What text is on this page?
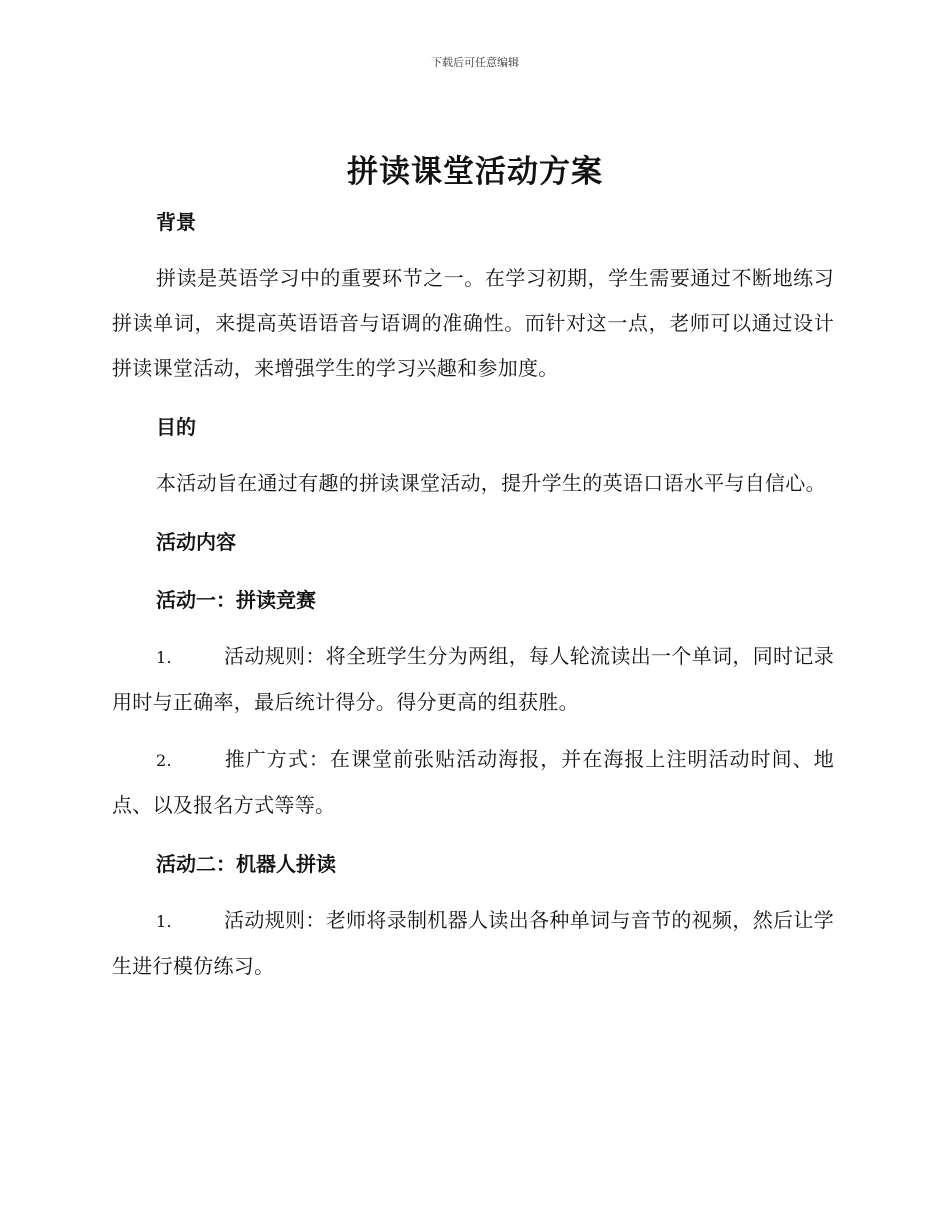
下载后可任意编辑
拼读课堂活动方案
背景

拼读是英语学习中的重要环节之一。在学习初期，学生需要通过不断地练习拼读单词，来提高英语语音与语调的准确性。而针对这一点，老师可以通过设计拼读课堂活动，来增强学生的学习兴趣和参加度。

目的

本活动旨在通过有趣的拼读课堂活动，提升学生的英语口语水平与自信心。

活动内容
活动一：拼读竞赛

1.	活动规则：将全班学生分为两组，每人轮流读出一个单词，同时记录用时与正确率，最后统计得分。得分更高的组获胜。

2.	推广方式：在课堂前张贴活动海报，并在海报上注明活动时间、地点、以及报名方式等等。

活动二：机器人拼读

1.	活动规则：老师将录制机器人读出各种单词与音节的视频，然后让学生进行模仿练习。
